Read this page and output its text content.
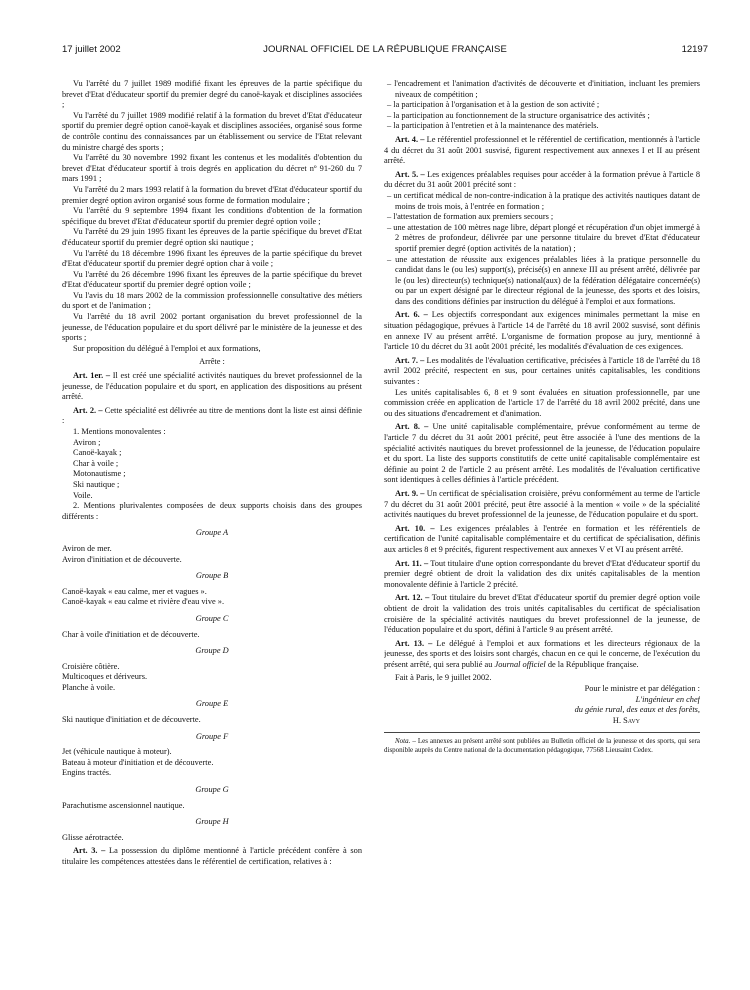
17 juillet 2002	JOURNAL OFFICIEL DE LA RÉPUBLIQUE FRANÇAISE	12197

Vu l'arrêté du 7 juillet 1989 modifié fixant les épreuves de la partie spécifique du brevet d'Etat d'éducateur sportif du premier degré du canoë-kayak et disciplines associées ;

Vu l'arrêté du 7 juillet 1989 modifié relatif à la formation du brevet d'Etat d'éducateur sportif du premier degré option canoë-kayak et disciplines associées, organisé sous forme de contrôle continu des connaissances par un établissement ou service de l'Etat relevant du ministre chargé des sports ;

Vu l'arrêté du 30 novembre 1992 fixant les contenus et les modalités d'obtention du brevet d'Etat d'éducateur sportif à trois degrés en application du décret nº 91-260 du 7 mars 1991 ;

Vu l'arrêté du 2 mars 1993 relatif à la formation du brevet d'Etat d'éducateur sportif du premier degré option aviron organisé sous forme de formation modulaire ;

Vu l'arrêté du 9 septembre 1994 fixant les conditions d'obtention de la formation spécifique du brevet d'Etat d'éducateur sportif du premier degré option voile ;

Vu l'arrêté du 29 juin 1995 fixant les épreuves de la partie spécifique du brevet d'Etat d'éducateur sportif du premier degré option ski nautique ;

Vu l'arrêté du 18 décembre 1996 fixant les épreuves de la partie spécifique du brevet d'Etat d'éducateur sportif du premier degré option char à voile ;

Vu l'arrêté du 26 décembre 1996 fixant les épreuves de la partie spécifique du brevet d'Etat d'éducateur sportif du premier degré option voile ;

Vu l'avis du 18 mars 2002 de la commission professionnelle consultative des métiers du sport et de l'animation ;

Vu l'arrêté du 18 avril 2002 portant organisation du brevet professionnel de la jeunesse, de l'éducation populaire et du sport délivré par le ministère de la jeunesse et des sports ;

Sur proposition du délégué à l'emploi et aux formations,

Arrête :

Art. 1er. – Il est créé une spécialité activités nautiques du brevet professionnel de la jeunesse, de l'éducation populaire et du sport, en application des dispositions au présent arrêté.

Art. 2. – Cette spécialité est délivrée au titre de mentions dont la liste est ainsi définie :

1. Mentions monovalentes :

Aviron ;

Canoë-kayak ;

Char à voile ;

Motonautisme ;

Ski nautique ;

Voile.

2. Mentions plurivalentes composées de deux supports choisis dans des groupes différents :

Groupe A

Aviron de mer.

Aviron d'initiation et de découverte.

Groupe B

Canoë-kayak « eau calme, mer et vagues ».

Canoë-kayak « eau calme et rivière d'eau vive ».

Groupe C

Char à voile d'initiation et de découverte.

Groupe D

Croisière côtière.

Multicoques et dériveurs.

Planche à voile.

Groupe E

Ski nautique d'initiation et de découverte.

Groupe F

Jet (véhicule nautique à moteur).

Bateau à moteur d'initiation et de découverte.

Engins tractés.

Groupe G

Parachutisme ascensionnel nautique.

Groupe H

Glisse aérotractée.

Art. 3. – La possession du diplôme mentionné à l'article précédent confère à son titulaire les compétences attestées dans le référentiel de certification, relatives à :

– l'encadrement et l'animation d'activités de découverte et d'initiation, incluant les premiers niveaux de compétition ;

– la participation à l'organisation et à la gestion de son activité ;

– la participation au fonctionnement de la structure organisatrice des activités ;

– la participation à l'entretien et à la maintenance des matériels.

Art. 4. – Le référentiel professionnel et le référentiel de certification, mentionnés à l'article 4 du décret du 31 août 2001 susvisé, figurent respectivement aux annexes I et II au présent arrêté.

Art. 5. – Les exigences préalables requises pour accéder à la formation prévue à l'article 8 du décret du 31 août 2001 précité sont :

– un certificat médical de non-contre-indication à la pratique des activités nautiques datant de moins de trois mois, à l'entrée en formation ;

– l'attestation de formation aux premiers secours ;

– une attestation de 100 mètres nage libre, départ plongé et récupération d'un objet immergé à 2 mètres de profondeur, délivrée par une personne titulaire du brevet d'Etat d'éducateur sportif premier degré (option activités de la natation) ;

– une attestation de réussite aux exigences préalables liées à la pratique personnelle du candidat dans le (ou les) support(s), précisé(s) en annexe III au présent arrêté, délivrée par le (ou les) directeur(s) technique(s) national(aux) de la fédération délégataire concernée(s) ou par un expert désigné par le directeur régional de la jeunesse, des sports et des loisirs, dans des conditions définies par instruction du délégué à l'emploi et aux formations.

Art. 6. – Les objectifs correspondant aux exigences minimales permettant la mise en situation pédagogique, prévues à l'article 14 de l'arrêté du 18 avril 2002 susvisé, sont définis en annexe IV au présent arrêté. L'organisme de formation propose au jury, mentionné à l'article 10 du décret du 31 août 2001 précité, les modalités d'évaluation de ces exigences.

Art. 7. – Les modalités de l'évaluation certificative, précisées à l'article 18 de l'arrêté du 18 avril 2002 précité, respectent en sus, pour certaines unités capitalisables, les conditions suivantes :

Les unités capitalisables 6, 8 et 9 sont évaluées en situation professionnelle, par une commission créée en application de l'article 17 de l'arrêté du 18 avril 2002 précité, dans une ou des situations d'encadrement et d'animation.

Art. 8. – Une unité capitalisable complémentaire, prévue conformément au terme de l'article 7 du décret du 31 août 2001 précité, peut être associée à l'une des mentions de la spécialité activités nautiques du brevet professionnel de la jeunesse, de l'éducation populaire et du sport. La liste des supports constitutifs de cette unité capitalisable complémentaire est définie au point 2 de l'article 2 au présent arrêté. Les modalités de l'évaluation certificative sont identiques à celles définies à l'article précédent.

Art. 9. – Un certificat de spécialisation croisière, prévu conformément au terme de l'article 7 du décret du 31 août 2001 précité, peut être associé à la mention « voile » de la spécialité activités nautiques du brevet professionnel de la jeunesse, de l'éducation populaire et du sport.

Art. 10. – Les exigences préalables à l'entrée en formation et les référentiels de certification de l'unité capitalisable complémentaire et du certificat de spécialisation, définis aux articles 8 et 9 précités, figurent respectivement aux annexes V et VI au présent arrêté.

Art. 11. – Tout titulaire d'une option correspondante du brevet d'Etat d'éducateur sportif du premier degré obtient de droit la validation des dix unités capitalisables de la mention monovalente définie à l'article 2 précité.

Art. 12. – Tout titulaire du brevet d'Etat d'éducateur sportif du premier degré option voile obtient de droit la validation des trois unités capitalisables du certificat de spécialisation croisière de la spécialité activités nautiques du brevet professionnel de la jeunesse, de l'éducation populaire et du sport, défini à l'article 9 au présent arrêté.

Art. 13. – Le délégué à l'emploi et aux formations et les directeurs régionaux de la jeunesse, des sports et des loisirs sont chargés, chacun en ce qui le concerne, de l'exécution du présent arrêté, qui sera publié au Journal officiel de la République française.

Fait à Paris, le 9 juillet 2002.

Pour le ministre et par délégation :

L'ingénieur en chef

du génie rural, des eaux et des forêts,

H. Savy

Nota. – Les annexes au présent arrêté sont publiées au Bulletin officiel de la jeunesse et des sports, qui sera disponible auprès du Centre national de la documentation pédagogique, 77568 Lieusaint Cedex.
